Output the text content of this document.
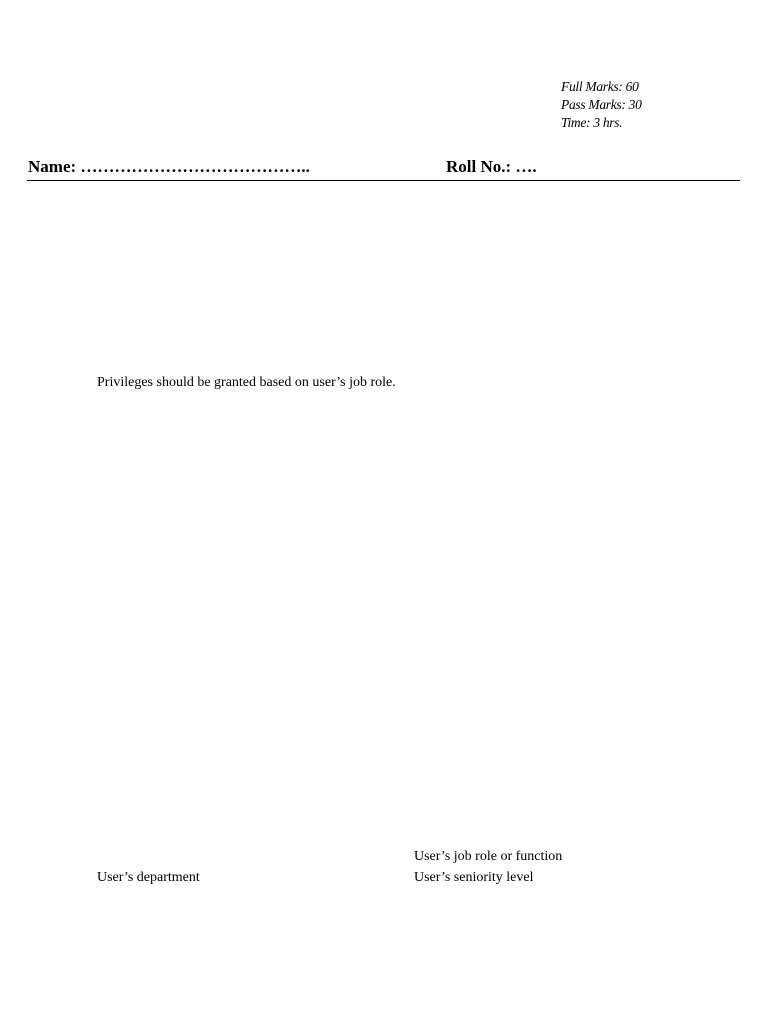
Full Marks: 60
Pass Marks: 30
Time: 3 hrs.
Name: …………………………………..	Roll No.: ….
Privileges should be granted based on user’s job role.
User’s job role or function
User’s department	User’s seniority level
